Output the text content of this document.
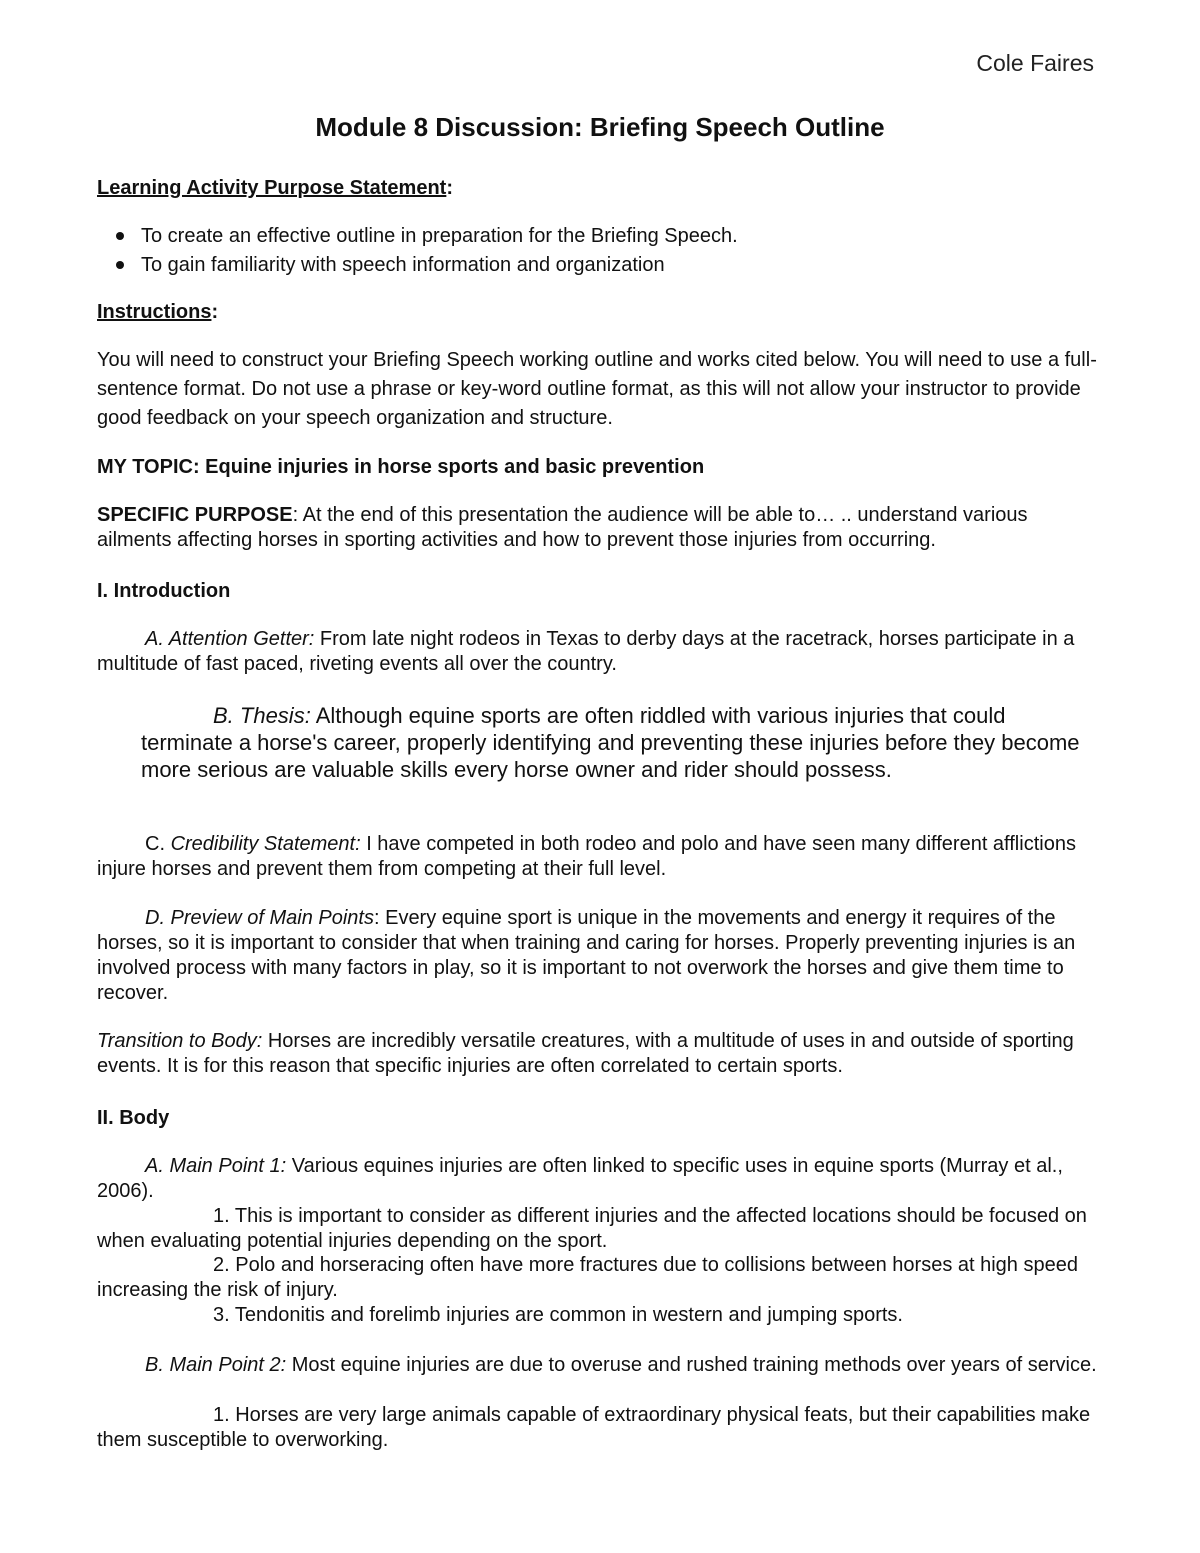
Cole Faires
Module 8 Discussion: Briefing Speech Outline
Learning Activity Purpose Statement:
To create an effective outline in preparation for the Briefing Speech.
To gain familiarity with speech information and organization
Instructions:
You will need to construct your Briefing Speech working outline and works cited below. You will need to use a full-sentence format. Do not use a phrase or key-word outline format, as this will not allow your instructor to provide good feedback on your speech organization and structure.
MY TOPIC: Equine injuries in horse sports and basic prevention
SPECIFIC PURPOSE: At the end of this presentation the audience will be able to… .. understand various ailments affecting horses in sporting activities and how to prevent those injuries from occurring.
I. Introduction
A. Attention Getter: From late night rodeos in Texas to derby days at the racetrack, horses participate in a multitude of fast paced, riveting events all over the country.
B. Thesis: Although equine sports are often riddled with various injuries that could terminate a horse's career, properly identifying and preventing these injuries before they become more serious are valuable skills every horse owner and rider should possess.
C. Credibility Statement: I have competed in both rodeo and polo and have seen many different afflictions injure horses and prevent them from competing at their full level.
D. Preview of Main Points: Every equine sport is unique in the movements and energy it requires of the horses, so it is important to consider that when training and caring for horses. Properly preventing injuries is an involved process with many factors in play, so it is important to not overwork the horses and give them time to recover.
Transition to Body: Horses are incredibly versatile creatures, with a multitude of uses in and outside of sporting events. It is for this reason that specific injuries are often correlated to certain sports.
II. Body
A. Main Point 1: Various equines injuries are often linked to specific uses in equine sports (Murray et al., 2006).
1. This is important to consider as different injuries and the affected locations should be focused on when evaluating potential injuries depending on the sport.
2. Polo and horseracing often have more fractures due to collisions between horses at high speed increasing the risk of injury.
3. Tendonitis and forelimb injuries are common in western and jumping sports.
B. Main Point 2: Most equine injuries are due to overuse and rushed training methods over years of service.
1. Horses are very large animals capable of extraordinary physical feats, but their capabilities make them susceptible to overworking.
